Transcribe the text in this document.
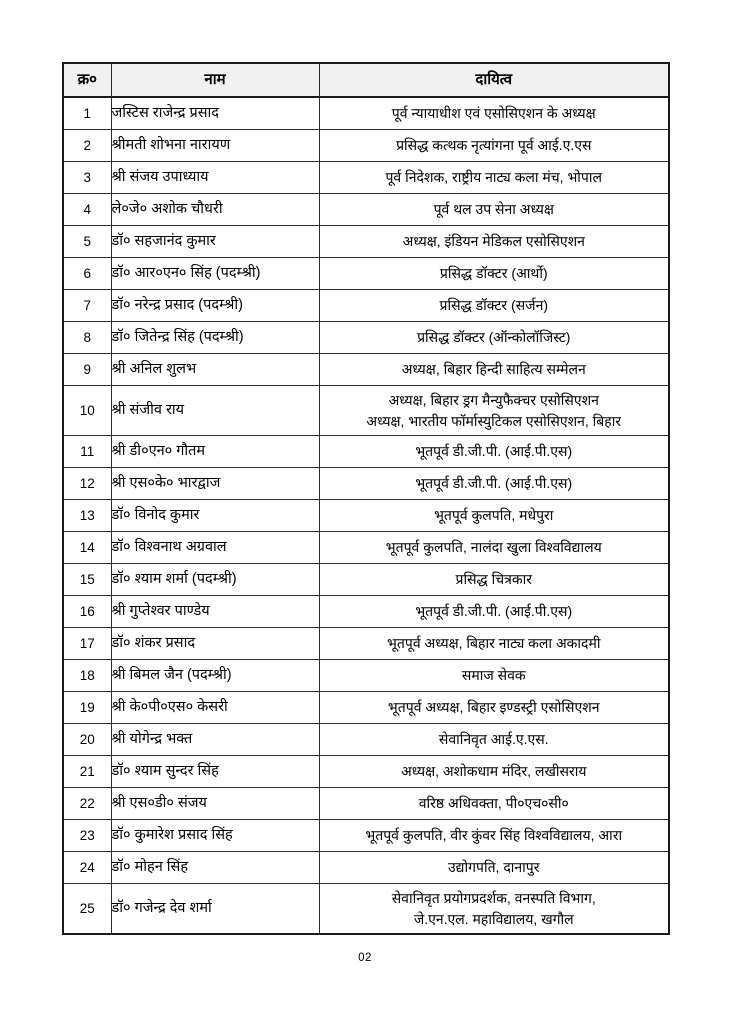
क्र०	नाम	दायित्व
1	जस्टिस राजेन्द्र प्रसाद	पूर्व न्यायाधीश एवं एसोसिएशन के अध्यक्ष

2	श्रीमती शोभना नारायण	प्रसिद्ध कत्थक नृत्यांगना पूर्व आई.ए.एस

3	श्री संजय उपाध्याय	पूर्व निदेशक, राष्ट्रीय नाट्य कला मंच, भोपाल

4	ले०जे० अशोक चौधरी	पूर्व थल उप सेना अध्यक्ष

5	डॉ० सहजानंद कुमार	अध्यक्ष, इंडियन मेडिकल एसोसिएशन

6	डॉ० आर०एन० सिंह (पदम्श्री)	प्रसिद्ध डॉक्टर (आर्थो)

7	डॉ० नरेन्द्र प्रसाद (पदम्श्री)	प्रसिद्ध डॉक्टर (सर्जन)

8	डॉ० जितेन्द्र सिंह (पदम्श्री)	प्रसिद्ध डॉक्टर (ऑन्कोलॉजिस्ट)

9	श्री अनिल शुलभ	अध्यक्ष, बिहार हिन्दी साहित्य सम्मेलन

10	श्री संजीव राय	अध्यक्ष, बिहार ड्रग मैन्युफैक्चर एसोसिएशन
अध्यक्ष, भारतीय फॉर्मास्युटिकल एसोसिएशन, बिहार

11	श्री डी०एन० गौतम	भूतपूर्व डी.जी.पी. (आई.पी.एस)

12	श्री एस०के० भारद्वाज	भूतपूर्व डी.जी.पी. (आई.पी.एस)

13	डॉ० विनोद कुमार	भूतपूर्व कुलपति, मधेपुरा

14	डॉ० विश्वनाथ अग्रवाल	भूतपूर्व कुलपति, नालंदा खुला विश्वविद्यालय

15	डॉ० श्याम शर्मा (पदम्श्री)	प्रसिद्ध चित्रकार

16	श्री गुप्तेश्वर पाण्डेय	भूतपूर्व डी.जी.पी. (आई.पी.एस)

17	डॉ० शंकर प्रसाद	भूतपूर्व अध्यक्ष, बिहार नाट्य कला अकादमी

18	श्री बिमल जैन (पदम्श्री)	समाज सेवक

19	श्री के०पी०एस० केसरी	भूतपूर्व अध्यक्ष, बिहार इण्डस्ट्री एसोसिएशन

20	श्री योगेन्द्र भक्त	सेवानिवृत आई.ए.एस.

21	डॉ० श्याम सुन्दर सिंह	अध्यक्ष, अशोकधाम मंदिर, लखीसराय

22	श्री एस०डी० संजय	वरिष्ठ अधिवक्ता, पी०एच०सी०

23	डॉ० कुमारेश प्रसाद सिंह	भूतपूर्व कुलपति, वीर कुंवर सिंह विश्वविद्यालय, आरा

24	डॉ० मोहन सिंह	उद्योगपति, दानापुर

25	डॉ० गजेन्द्र देव शर्मा	सेवानिवृत प्रयोगप्रदर्शक, वनस्पति विभाग,
जे.एन.एल. महाविद्यालय, खगौल
02
